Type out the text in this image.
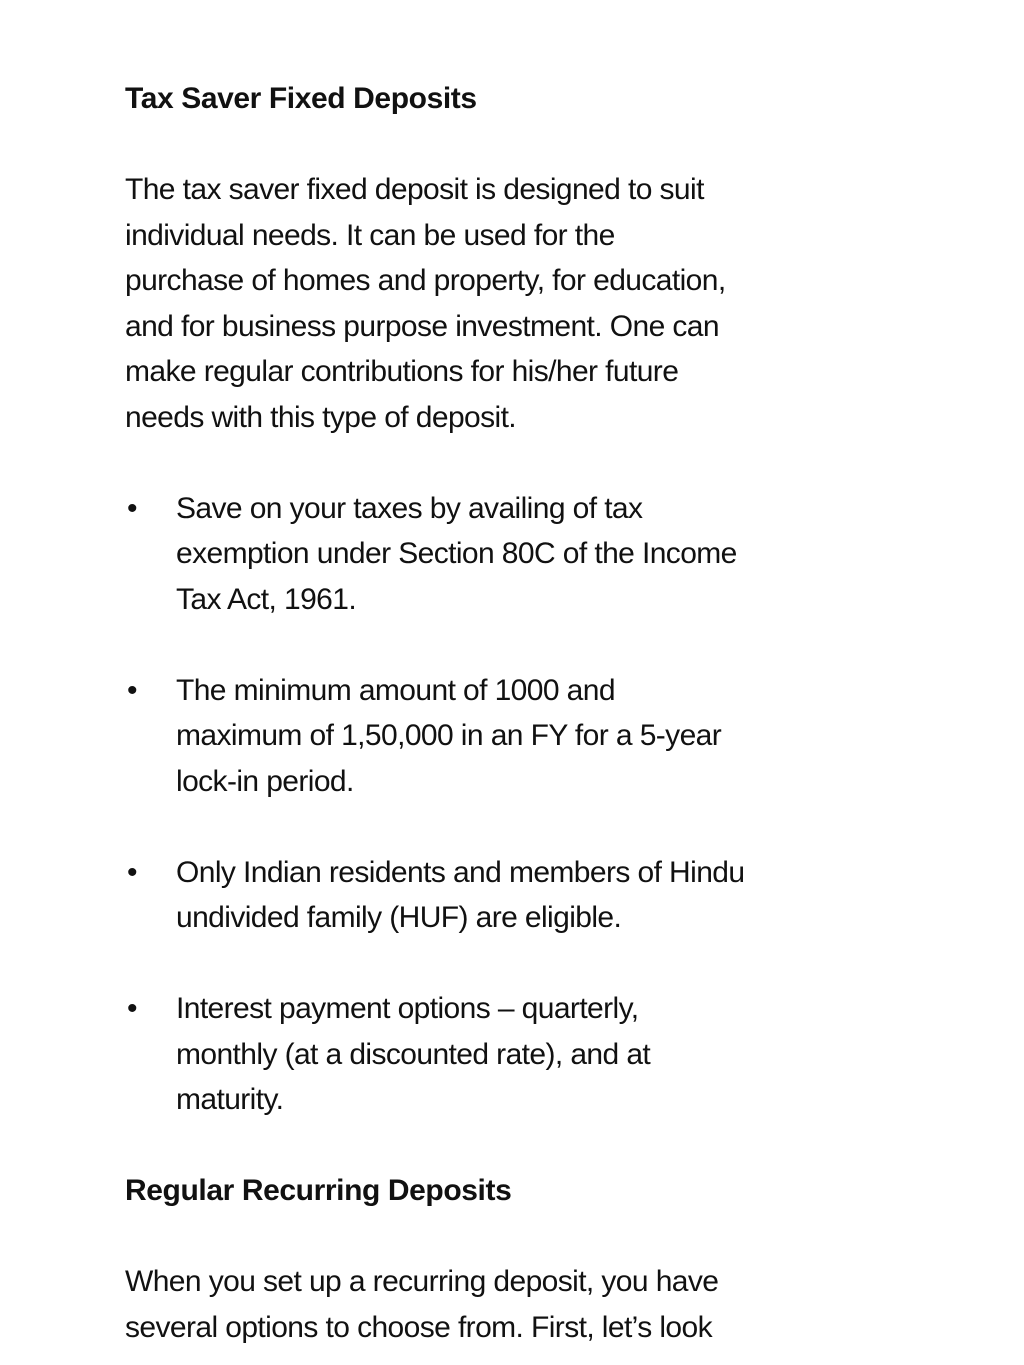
Tax Saver Fixed Deposits

The tax saver fixed deposit is designed to suit
individual needs. It can be used for the
purchase of homes and property, for education,
and for business purpose investment. One can
make regular contributions for his/her future
needs with this type of deposit.

• Save on your taxes by availing of tax
exemption under Section 80C of the Income
Tax Act, 1961.
• The minimum amount of 1000 and
maximum of 1,50,000 in an FY for a 5-year
lock-in period.
• Only Indian residents and members of Hindu
undivided family (HUF) are eligible.
• Interest payment options – quarterly,
monthly (at a discounted rate), and at
maturity.

Regular Recurring Deposits

When you set up a recurring deposit, you have
several options to choose from. First, let’s look
